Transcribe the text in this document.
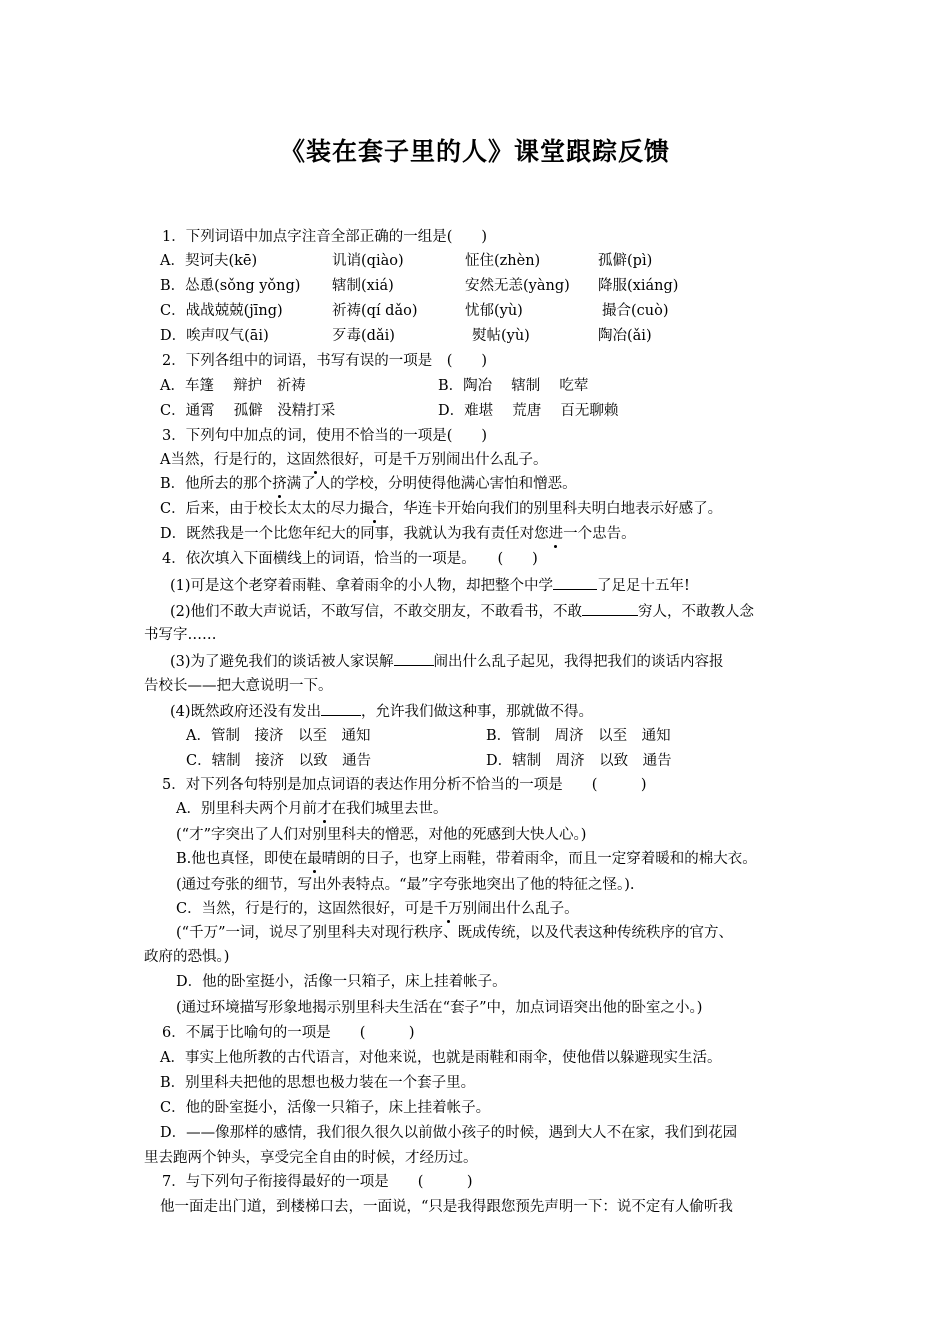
《装在套子里的人》课堂跟踪反馈
1．下列词语中加点字注音全部正确的一组是(　　)
A．契诃夫(kē)	讥诮(qiào)	怔住(zhèn)	孤僻(pì)
B．怂恿(sǒng yǒng) 辖制(xiá)	安然无恙(yàng) 降服(xiáng)
C．战战兢兢(jīng)	祈祷(qí dǎo)	忧郁(yù)	撮合(cuò)
D．唉声叹气(āi)	歹毒(dǎi)	熨帖(yù)	陶冶(ǎi)
2．下列各组中的词语，书写有误的一项是　(　　)
A．车篷　 辩护　祈祷	B．陶冶　 辖制　 吃荤
C．通霄　 孤僻　没精打采	D．难堪　 荒唐　 百无聊赖
3．下列句中加点的词，使用不恰当的一项是(　　)
A当然，行是行的，这固然很好，可是千万别闹出什么乱子。
B．他所去的那个挤满了人的学校，分明使得他满心害怕和憎恶。
C．后来，由于校长太太的尽力撮合，华连卡开始向我们的别里科夫明白地表示好感了。
D．既然我是一个比您年纪大的同事，我就认为我有责任对您进一个忠告。
4．依次填入下面横线上的词语，恰当的一项是。　　(　　)
(1)可是这个老穿着雨鞋、拿着雨伞的小人物，却把整个中学	了足足十五年!
(2)他们不敢大声说话，不敢写信，不敢交朋友，不敢看书，不敢	穷人，不敢教人念
书写字……
(3)为了避免我们的谈话被人家误解	闹出什么乱子起见，我得把我们的谈话内容报
告校长——把大意说明一下。
(4)既然政府还没有发出	，允许我们做这种事，那就做不得。
A．管制　接济　以至　通知	B．管制　周济　以至　通知
C．辖制　接济　以致　通告	D．辖制　周济　以致　通告
5．对下列各句特别是加点词语的表达作用分析不恰当的一项是　　(　　　)
A．别里科夫两个月前才在我们城里去世。
(“才”字突出了人们对别里科夫的憎恶，对他的死感到大快人心。)
B.他也真怪，即使在最晴朗的日子，也穿上雨鞋，带着雨伞，而且一定穿着暖和的棉大衣。
(通过夸张的细节，写出外表特点。“最”字夸张地突出了他的特征之怪。).
C．当然，行是行的，这固然很好，可是千万别闹出什么乱子。
(“千万”一词，说尽了别里科夫对现行秩序、既成传统，以及代表这种传统秩序的官方、
政府的恐惧。)
D．他的卧室挺小，活像一只箱子，床上挂着帐子。
(通过环境描写形象地揭示别里科夫生活在“套子”中，加点词语突出他的卧室之小。)
6．不属于比喻句的一项是　　(　　　)
A．事实上他所教的古代语言，对他来说，也就是雨鞋和雨伞，使他借以躲避现实生活。
B．别里科夫把他的思想也极力装在一个套子里。
C．他的卧室挺小，活像一只箱子，床上挂着帐子。
D．——像那样的感情，我们很久很久以前做小孩子的时候，遇到大人不在家，我们到花园
里去跑两个钟头，享受完全自由的时候，才经历过。
7．与下列句子衔接得最好的一项是　　(　　　)
他一面走出门道，到楼梯口去，一面说，“只是我得跟您预先声明一下：说不定有人偷听我
